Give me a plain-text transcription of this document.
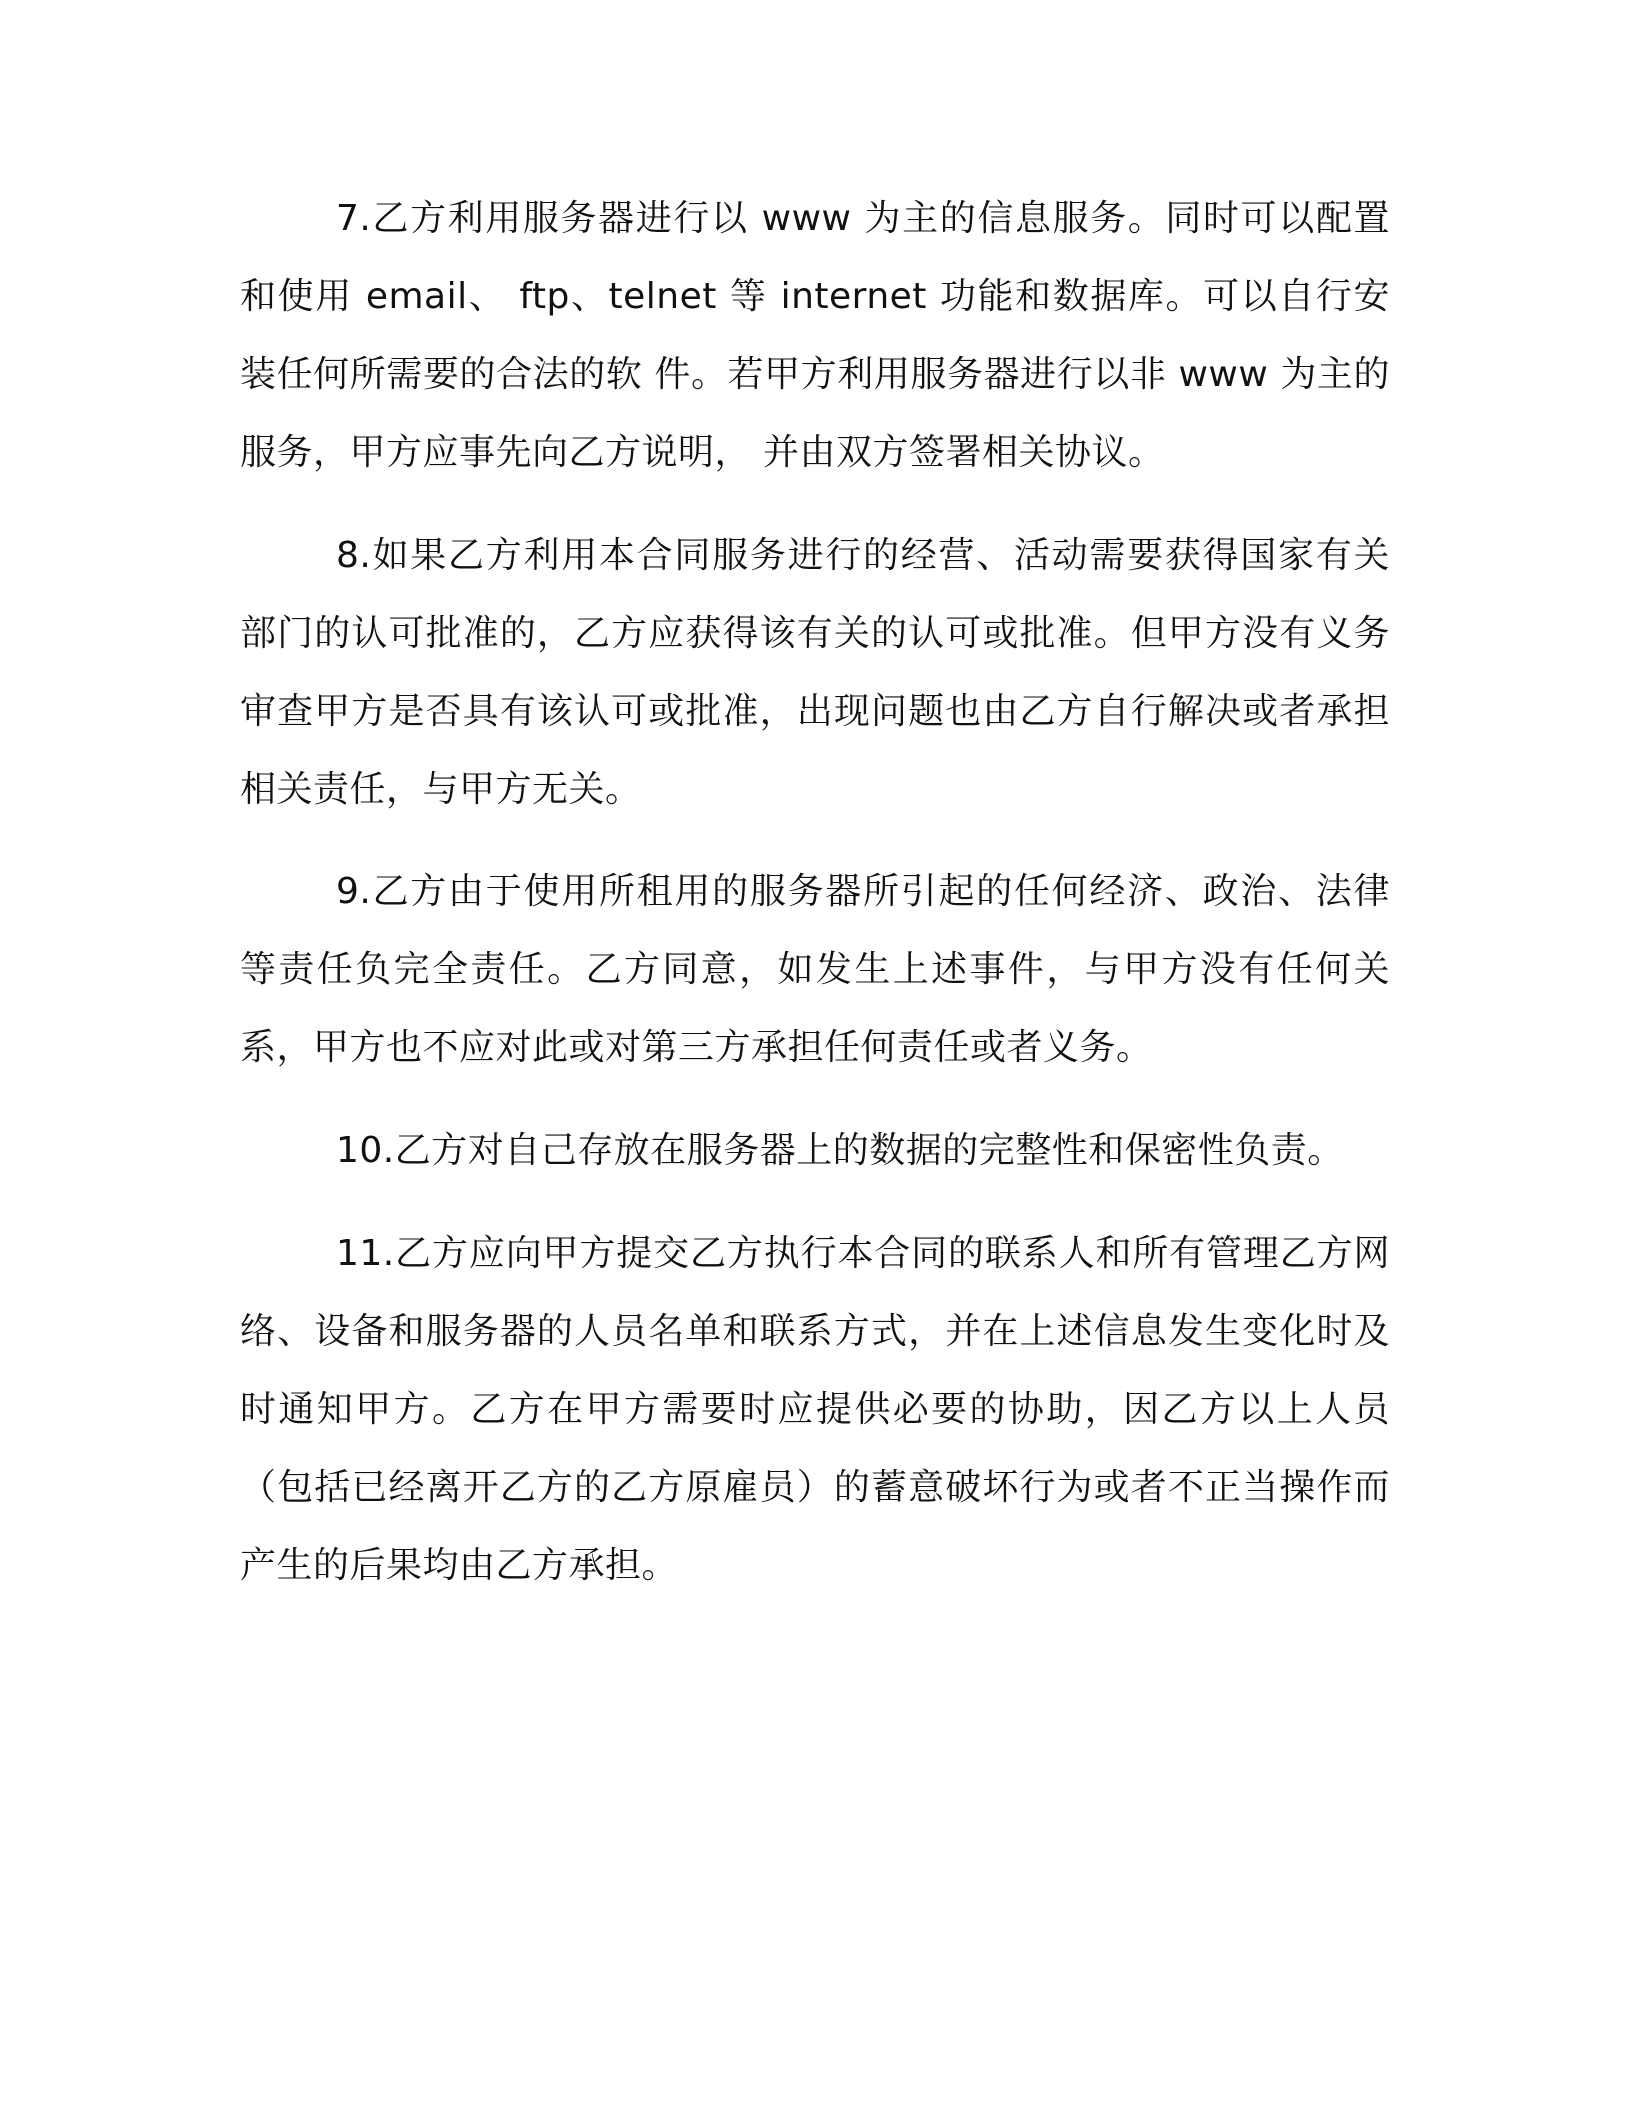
7.乙方利用服务器进行以 www 为主的信息服务。同时可以配置和使用 email、 ftp、telnet 等 internet 功能和数据库。可以自行安装任何所需要的合法的软 件。若甲方利用服务器进行以非 www 为主的服务，甲方应事先向乙方说明， 并由双方签署相关协议。

8.如果乙方利用本合同服务进行的经营、活动需要获得国家有关部门的认可批准的，乙方应获得该有关的认可或批准。但甲方没有义务审查甲方是否具有该认可或批准，出现问题也由乙方自行解决或者承担相关责任，与甲方无关。

9.乙方由于使用所租用的服务器所引起的任何经济、政治、法律等责任负完全责任。乙方同意，如发生上述事件，与甲方没有任何关系，甲方也不应对此或对第三方承担任何责任或者义务。

10.乙方对自己存放在服务器上的数据的完整性和保密性负责。

11.乙方应向甲方提交乙方执行本合同的联系人和所有管理乙方网络、设备和服务器的人员名单和联系方式，并在上述信息发生变化时及时通知甲方。乙方在甲方需要时应提供必要的协助，因乙方以上人员（包括已经离开乙方的乙方原雇员）的蓄意破坏行为或者不正当操作而产生的后果均由乙方承担。
